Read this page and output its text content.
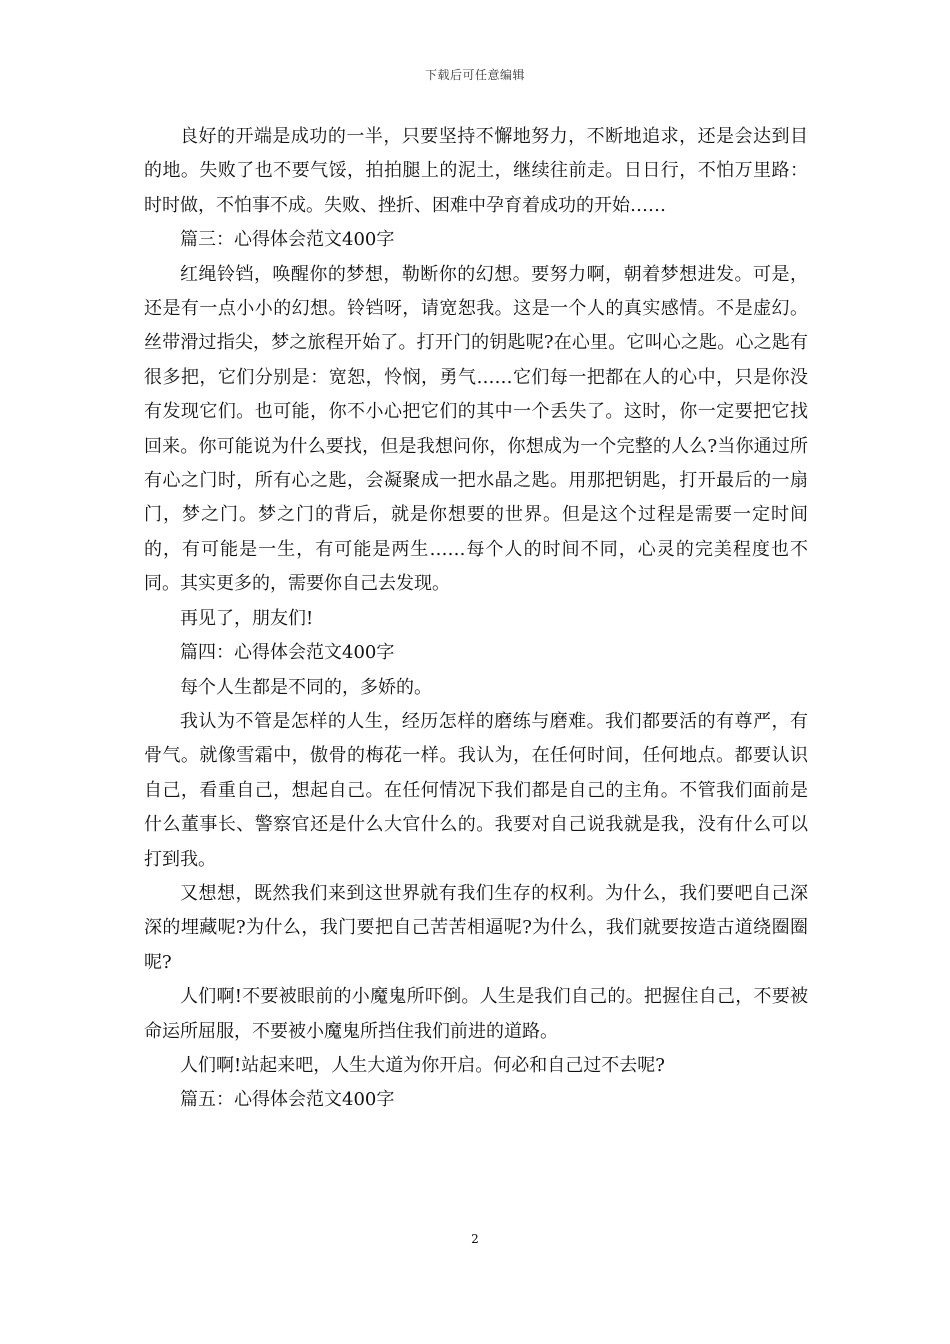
下载后可任意编辑

良好的开端是成功的一半，只要坚持不懈地努力，不断地追求，还是会达到目的地。失败了也不要气馁，拍拍腿上的泥土，继续往前走。日日行，不怕万里路：时时做，不怕事不成。失败、挫折、困难中孕育着成功的开始……

篇三：心得体会范文400字

红绳铃铛，唤醒你的梦想，勒断你的幻想。要努力啊，朝着梦想进发。可是，还是有一点小小的幻想。铃铛呀，请宽恕我。这是一个人的真实感情。不是虚幻。丝带滑过指尖，梦之旅程开始了。打开门的钥匙呢?在心里。它叫心之匙。心之匙有很多把，它们分别是：宽恕，怜悯，勇气……它们每一把都在人的心中，只是你没有发现它们。也可能，你不小心把它们的其中一个丢失了。这时，你一定要把它找回来。你可能说为什么要找，但是我想问你，你想成为一个完整的人么?当你通过所有心之门时，所有心之匙，会凝聚成一把水晶之匙。用那把钥匙，打开最后的一扇门，梦之门。梦之门的背后，就是你想要的世界。但是这个过程是需要一定时间的，有可能是一生，有可能是两生……每个人的时间不同，心灵的完美程度也不同。其实更多的，需要你自己去发现。

再见了，朋友们!

篇四：心得体会范文400字

每个人生都是不同的，多娇的。

我认为不管是怎样的人生，经历怎样的磨练与磨难。我们都要活的有尊严，有骨气。就像雪霜中，傲骨的梅花一样。我认为，在任何时间，任何地点。都要认识自己，看重自己，想起自己。在任何情况下我们都是自己的主角。不管我们面前是什么董事长、警察官还是什么大官什么的。我要对自己说我就是我，没有什么可以打到我。

又想想，既然我们来到这世界就有我们生存的权利。为什么，我们要吧自己深深的埋藏呢?为什么，我门要把自己苦苦相逼呢?为什么，我们就要按造古道绕圈圈呢?

人们啊!不要被眼前的小魔鬼所吓倒。人生是我们自己的。把握住自己，不要被命运所屈服，不要被小魔鬼所挡住我们前进的道路。

人们啊!站起来吧，人生大道为你开启。何必和自己过不去呢?

篇五：心得体会范文400字

2
